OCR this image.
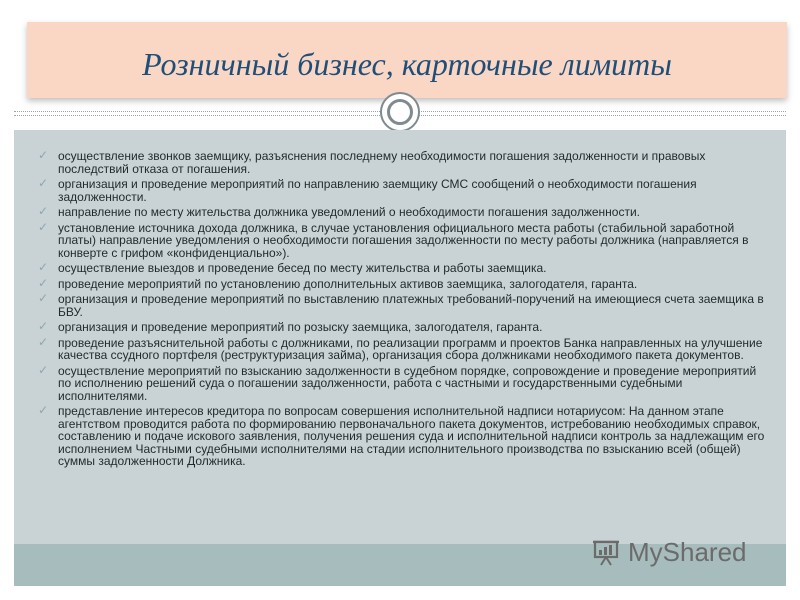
Розничный бизнес, карточные лимиты
✓ осуществление звонков заемщику, разъяснения последнему необходимости погашения задолженности и правовых последствий отказа от погашения.
✓ организация и проведение мероприятий по направлению заемщику СМС сообщений о необходимости погашения задолженности.
✓ направление по месту жительства должника уведомлений о необходимости погашения задолженности.
✓ установление источника дохода должника, в случае установления официального места работы (стабильной заработной платы) направление уведомления о необходимости погашения задолженности по месту работы должника (направляется в конверте с грифом «конфиденциально»).
✓ осуществление выездов и проведение бесед по месту жительства и работы заемщика.
✓ проведение мероприятий по установлению дополнительных активов заемщика, залогодателя, гаранта.
✓ организация и проведение мероприятий по выставлению платежных требований-поручений на имеющиеся счета заемщика в БВУ.
✓ организация и проведение мероприятий по розыску заемщика, залогодателя, гаранта.
✓ проведение разъяснительной работы с должниками, по реализации программ и проектов Банка направленных на улучшение качества ссудного портфеля (реструктуризация займа), организация сбора должниками необходимого пакета документов.
✓ осуществление мероприятий по взысканию задолженности в судебном порядке, сопровождение и проведение мероприятий по исполнению решений суда о погашении задолженности, работа с частными и государственными судебными исполнителями.
✓ представление интересов кредитора по вопросам совершения исполнительной надписи нотариусом: На данном этапе агентством проводится работа по формированию первоначального пакета документов, истребованию необходимых справок, составлению и подаче искового заявления, получения решения суда и исполнительной надписи контроль за надлежащим его исполнением Частными судебными исполнителями на стадии исполнительного производства по взысканию всей (общей) суммы задолженности Должника.
MyShared
